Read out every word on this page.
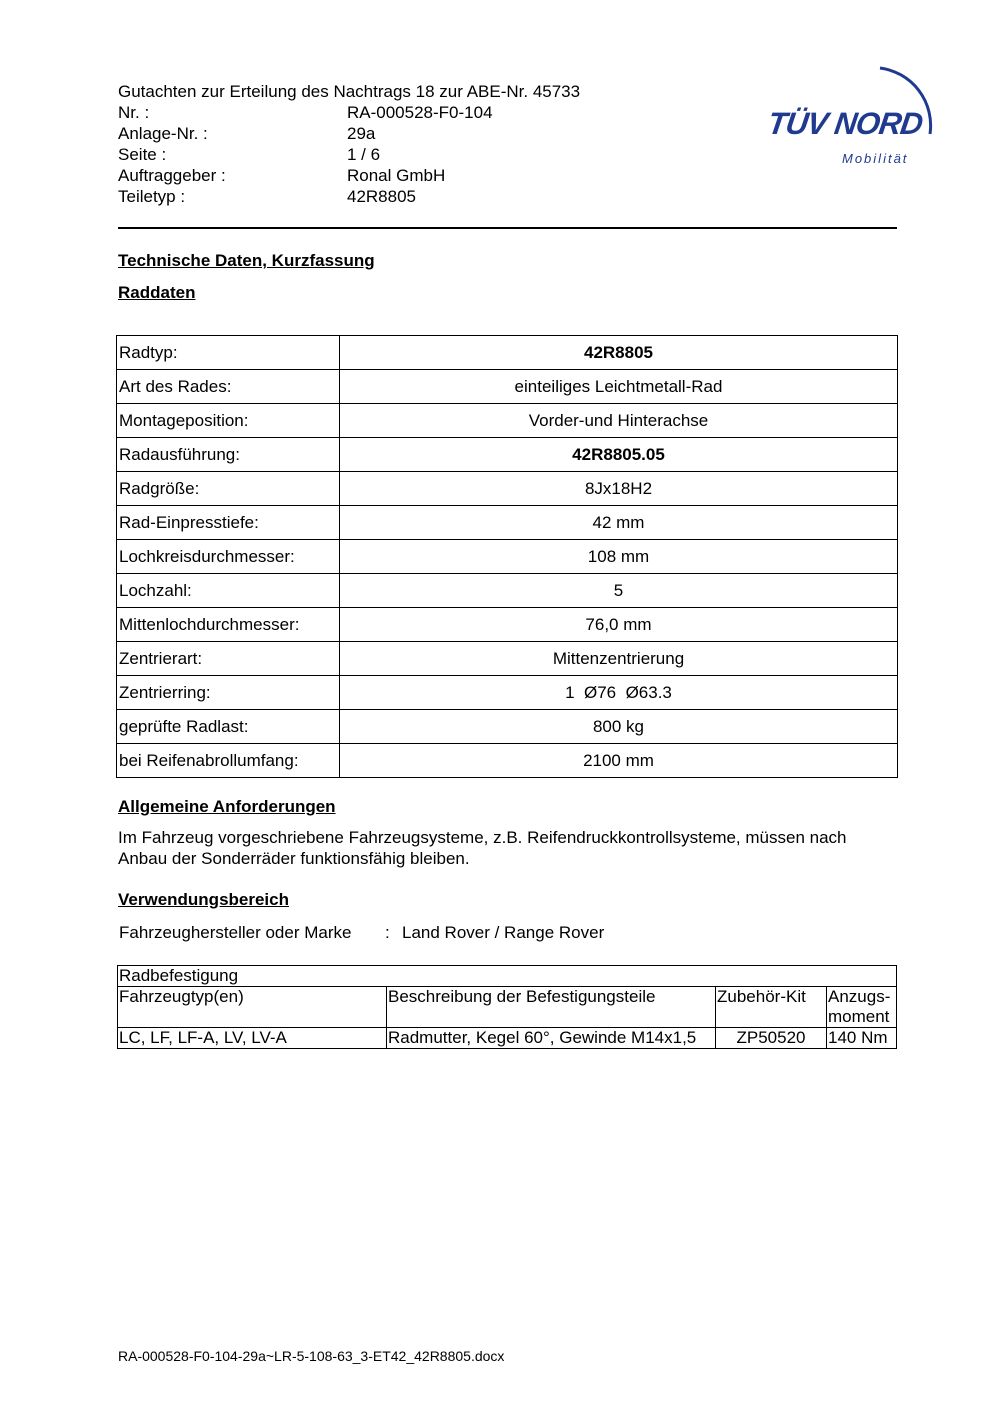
Gutachten zur Erteilung des Nachtrags 18 zur ABE-Nr. 45733
Nr. :	RA-000528-F0-104
Anlage-Nr. :	29a
Seite :	1 / 6
Auftraggeber :	Ronal GmbH
Teiletyp :	42R8805
TÜV NORD
Mobilität
Technische Daten, Kurzfassung
Raddaten
Radtyp:	42R8805
Art des Rades:	einteiliges Leichtmetall-Rad
Montageposition:	Vorder-und Hinterachse
Radausführung:	42R8805.05
Radgröße:	8Jx18H2
Rad-Einpresstiefe:	42 mm
Lochkreisdurchmesser:	108 mm
Lochzahl:	5
Mittenlochdurchmesser:	76,0 mm
Zentrierart:	Mittenzentrierung
Zentrierring:	1  Ø76  Ø63.3
geprüfte Radlast:	800 kg
bei Reifenabrollumfang:	2100 mm
Allgemeine Anforderungen
Im Fahrzeug vorgeschriebene Fahrzeugsysteme, z.B. Reifendruckkontrollsysteme, müssen nach Anbau der Sonderräder funktionsfähig bleiben.
Verwendungsbereich
Fahrzeughersteller oder Marke	: Land Rover / Range Rover
Radbefestigung			
Fahrzeugtyp(en)	Beschreibung der Befestigungsteile	Zubehör-Kit	Anzugs-moment
LC, LF, LF-A, LV, LV-A	Radmutter, Kegel 60°, Gewinde M14x1,5	ZP50520	140 Nm
RA-000528-F0-104-29a~LR-5-108-63_3-ET42_42R8805.docx
